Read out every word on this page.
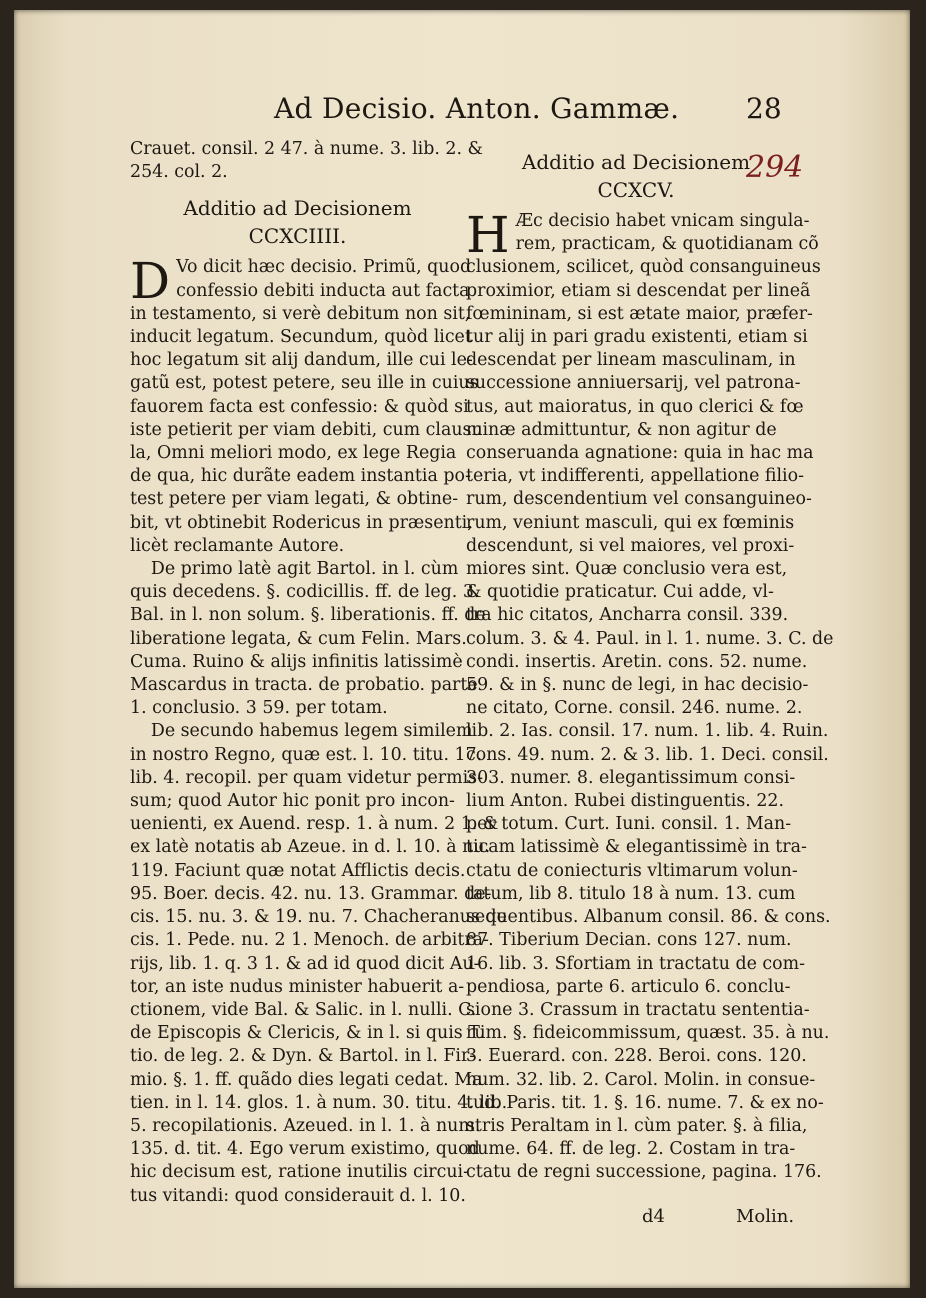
Ad Decisio. Anton. Gammæ. 28
Crauet. consil. 2 47. à nume. 3. lib. 2. &
254. col. 2.
Additio ad Decisionem
CCXCIIII.
D Vo dicit hæc decisio. Primũ, quod
confessio debiti inducta aut facta
in testamento, si verè debitum non sit,
inducit legatum. Secundum, quòd licet
hoc legatum sit alij dandum, ille cui le-
gatũ est, potest petere, seu ille in cuius
fauorem facta est confessio: & quòd si
iste petierit per viam debiti, cum clausu
la, Omni meliori modo, ex lege Regia
de qua, hic durãte eadem instantia po-
test petere per viam legati, & obtine-
bit, vt obtinebit Rodericus in præsenti,
licèt reclamante Autore.
De primo latè agit Bartol. in l. cùm
quis decedens. §. codicillis. ff. de leg. 3.
Bal. in l. non solum. §. liberationis. ff. de
liberatione legata, & cum Felin. Mars.
Cuma. Ruino & alijs infinitis latissimè
Mascardus in tracta. de probatio. parte
1. conclusio. 3 59. per totam.
De secundo habemus legem similem
in nostro Regno, quæ est. l. 10. titu. 17.
lib. 4. recopil. per quam videtur permis-
sum; quod Autor hic ponit pro incon-
uenienti, ex Auend. resp. 1. à num. 2 1. &
ex latè notatis ab Azeue. in d. l. 10. à nu.
119. Faciunt quæ notat Afflictis decis.
95. Boer. decis. 42. nu. 13. Grammar. de-
cis. 15. nu. 3. & 19. nu. 7. Chacheranus de
cis. 1. Pede. nu. 2 1. Menoch. de arbitra-
rijs, lib. 1. q. 3 1. & ad id quod dicit Au-
tor, an iste nudus minister habuerit a-
ctionem, vide Bal. & Salic. in l. nulli. C.
de Episcopis & Clericis, & in l. si quis Ti
tio. de leg. 2. & Dyn. & Bartol. in l. Fir-
mio. §. 1. ff. quãdo dies legati cedat. Ma
tien. in l. 14. glos. 1. à num. 30. titu. 4. lib.
5. recopilationis. Azeued. in l. 1. à num.
135. d. tit. 4. Ego verum existimo, quod
hic decisum est, ratione inutilis circui-
tus vitandi: quod considerauit d. l. 10.
Additio ad Decisionem
CCXCV.
H Æc decisio habet vnicam singula-
rem, practicam, & quotidianam cõ
clusionem, scilicet, quòd consanguineus
proximior, etiam si descendat per lineã
fœmininam, si est ætate maior, præfer-
tur alij in pari gradu existenti, etiam si
descendat per lineam masculinam, in
successione anniuersarij, vel patrona-
tus, aut maioratus, in quo clerici & fœ
minæ admittuntur, & non agitur de
conseruanda agnatione: quia in hac ma
teria, vt indifferenti, appellatione filio-
rum, descendentium vel consanguineo-
rum, veniunt masculi, qui ex fœminis
descendunt, si vel maiores, vel proxi-
miores sint. Quæ conclusio vera est,
& quotidie praticatur. Cui adde, vl-
tra hic citatos, Ancharra consil. 339.
colum. 3. & 4. Paul. in l. 1. nume. 3. C. de
condi. insertis. Aretin. cons. 52. nume.
59. & in §. nunc de legi, in hac decisio-
ne citato, Corne. consil. 246. nume. 2.
lib. 2. Ias. consil. 17. num. 1. lib. 4. Ruin.
cons. 49. num. 2. & 3. lib. 1. Deci. consil.
303. numer. 8. elegantissimum consi-
lium Anton. Rubei distinguentis. 22.
per totum. Curt. Iuni. consil. 1. Man-
ticam latissimè & elegantissimè in tra-
ctatu de coniecturis vltimarum volun-
tatum, lib 8. titulo 18 à num. 13. cum
sequentibus. Albanum consil. 86. & cons.
87. Tiberium Decian. cons 127. num.
16. lib. 3. Sfortiam in tractatu de com-
pendiosa, parte 6. articulo 6. conclu-
sione 3. Crassum in tractatu sententia-
rum. §. fideicommissum, quæst. 35. à nu.
3. Euerard. con. 228. Beroi. cons. 120.
num. 32. lib. 2. Carol. Molin. in consue-
tud. Paris. tit. 1. §. 16. nume. 7. & ex no-
stris Peraltam in l. cùm pater. §. à filia,
nume. 64. ff. de leg. 2. Costam in tra-
ctatu de regni successione, pagina. 176.
294
d4	Molin.
